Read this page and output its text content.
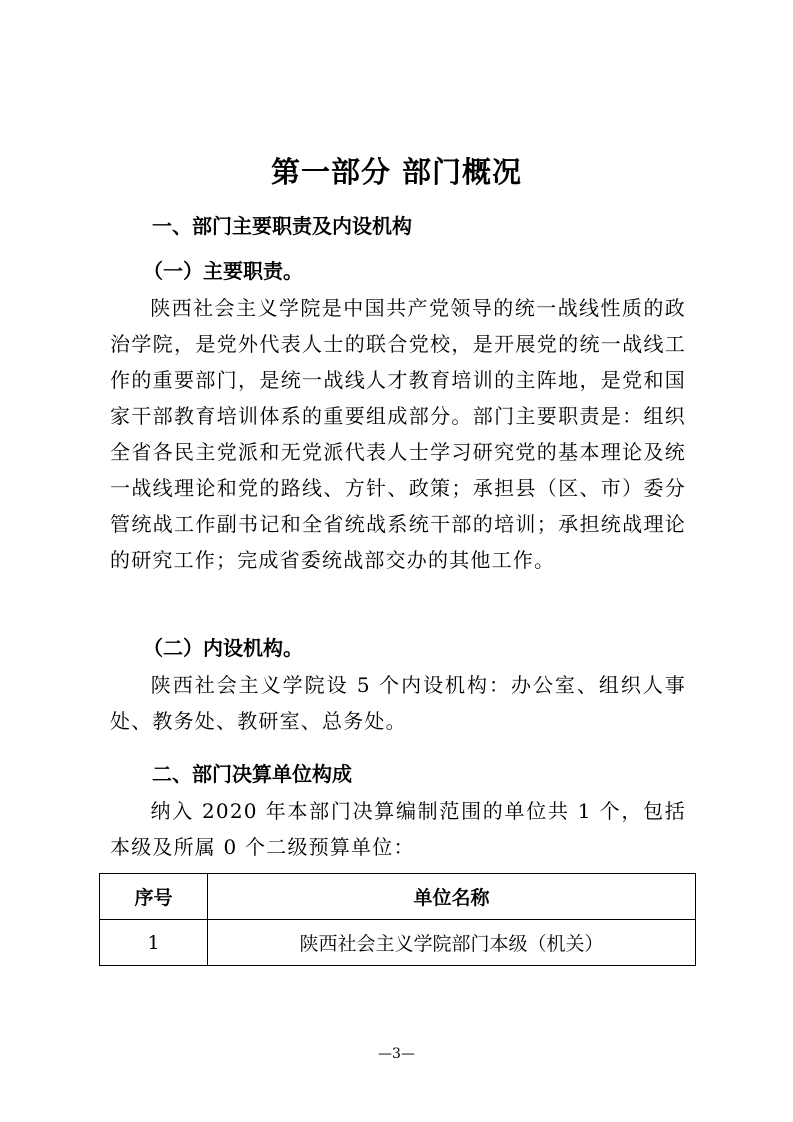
第一部分 部门概况
一、部门主要职责及内设机构
（一）主要职责。
陕西社会主义学院是中国共产党领导的统一战线性质的政治学院，是党外代表人士的联合党校，是开展党的统一战线工作的重要部门，是统一战线人才教育培训的主阵地，是党和国家干部教育培训体系的重要组成部分。部门主要职责是：组织全省各民主党派和无党派代表人士学习研究党的基本理论及统一战线理论和党的路线、方针、政策；承担县（区、市）委分管统战工作副书记和全省统战系统干部的培训；承担统战理论的研究工作；完成省委统战部交办的其他工作。
（二）内设机构。
陕西社会主义学院设 5 个内设机构：办公室、组织人事处、教务处、教研室、总务处。
二、部门决算单位构成
纳入 2020 年本部门决算编制范围的单位共 1 个，包括本级及所属 0 个二级预算单位：
序号	单位名称
1	陕西社会主义学院部门本级（机关）
—3—
